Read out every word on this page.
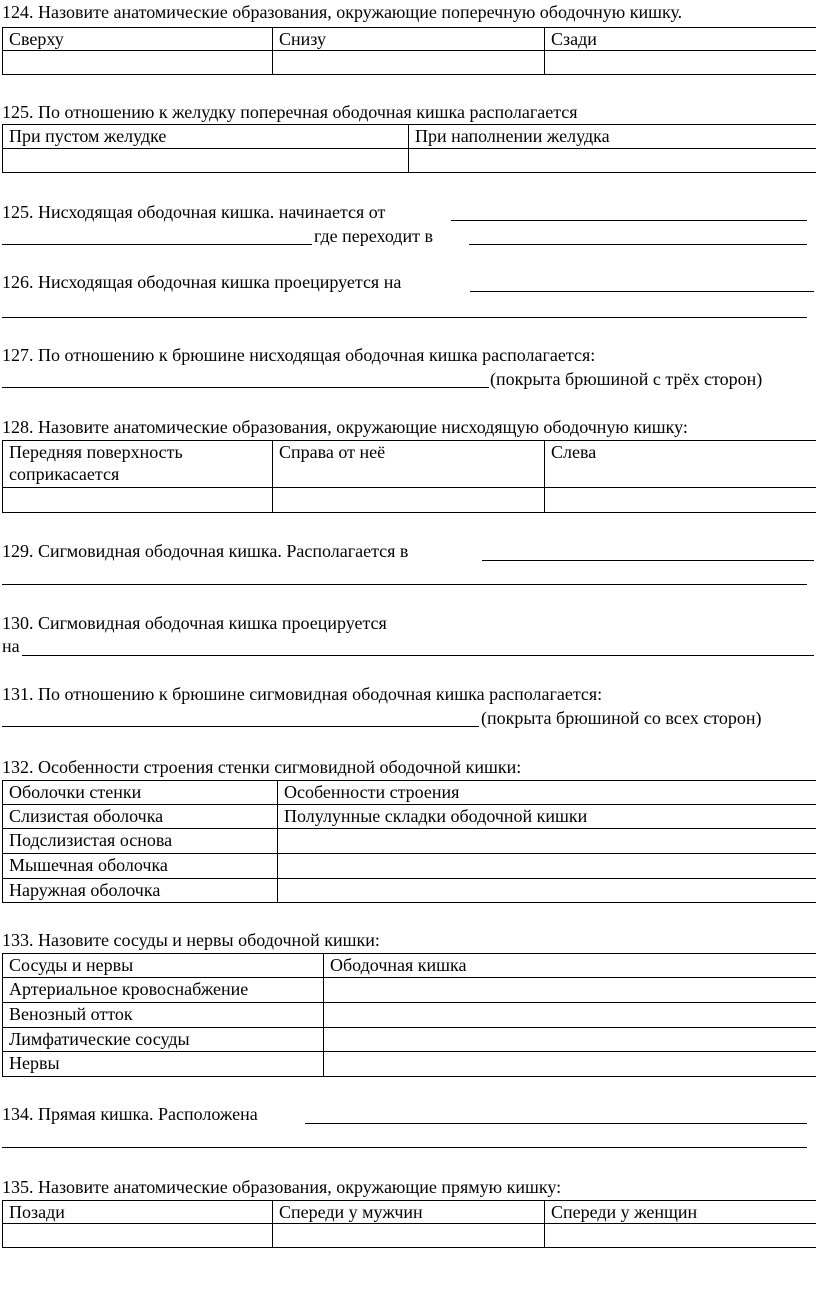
124. Назовите анатомические образования, окружающие поперечную ободочную кишку.
Сверху	Снизу	Сзади

125. По отношению к желудку поперечная ободочная кишка располагается
При пустом желудке	При наполнении желудка

125. Нисходящая ободочная кишка. начинается от
где переходит в
126. Нисходящая ободочная кишка проецируется на
127. По отношению к брюшине нисходящая ободочная кишка располагается:
(покрыта брюшиной с трёх сторон)
128. Назовите анатомические образования, окружающие нисходящую ободочную кишку:
Передняя поверхность соприкасается	Справа от неё	Слева

129. Сигмовидная ободочная кишка. Располагается в
130. Сигмовидная ободочная кишка проецируется
на
131. По отношению к брюшине сигмовидная ободочная кишка располагается:
(покрыта брюшиной со всех сторон)
132. Особенности строения стенки сигмовидной ободочной кишки:
Оболочки стенки	Особенности строения
Слизистая оболочка	Полулунные складки ободочной кишки
Подслизистая основа	
Мышечная оболочка	
Наружная оболочка	
133. Назовите сосуды и нервы ободочной кишки:
Сосуды и нервы	Ободочная кишка
Артериальное кровоснабжение	
Венозный отток	
Лимфатические сосуды	
Нервы	
134. Прямая кишка. Расположена
135. Назовите анатомические образования, окружающие прямую кишку:
Позади	Спереди у мужчин	Спереди у женщин
